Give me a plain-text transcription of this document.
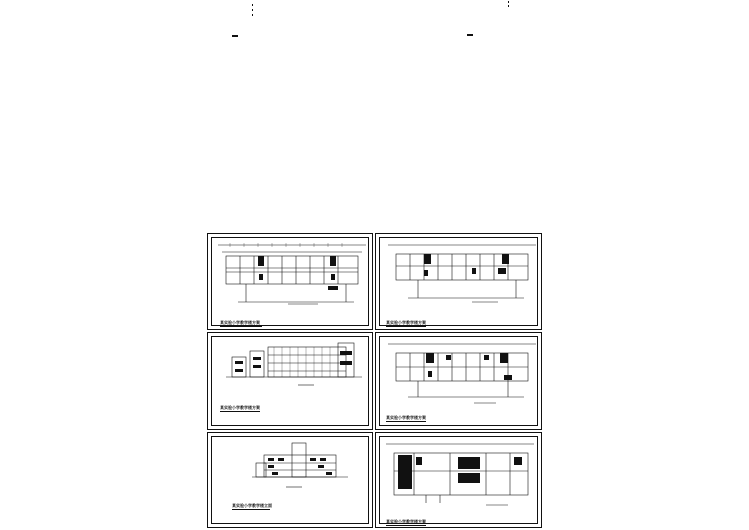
某实验小学教学楼方案	某实验小学教学楼方案
某实验小学教学楼方案
某实验小学教学楼方案
某实验小学教学楼立面
某实验小学教学楼方案
